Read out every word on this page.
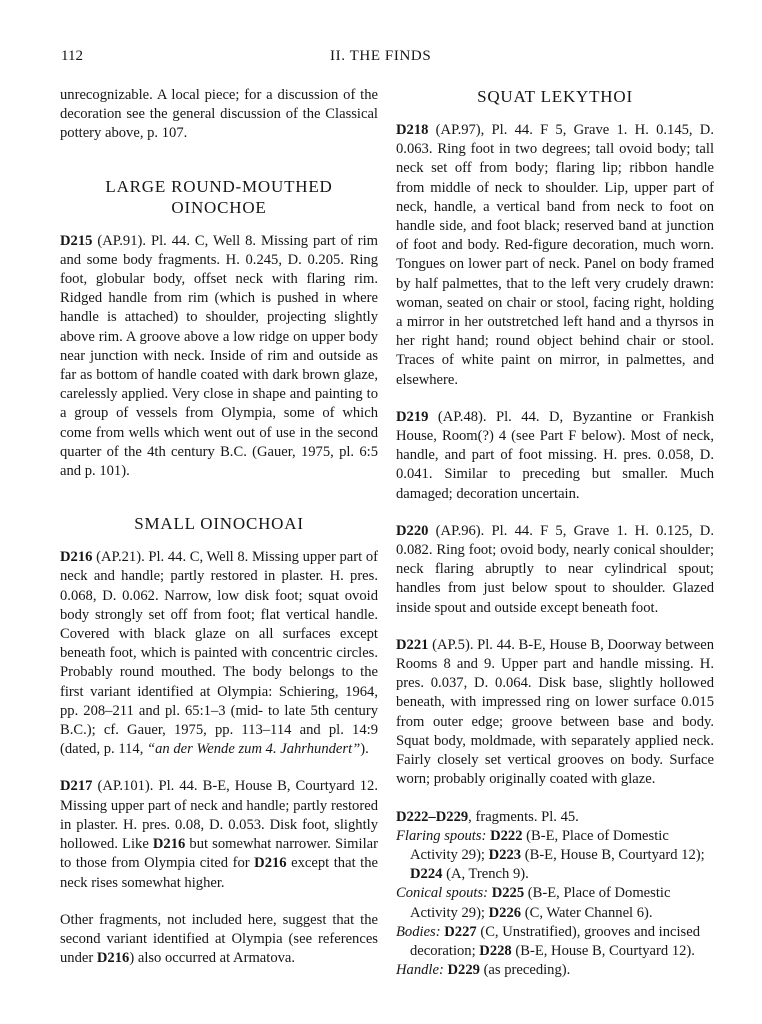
112	II. THE FINDS

unrecognizable. A local piece; for a discussion of the decoration see the general discussion of the Classical pottery above, p. 107.

LARGE ROUND-MOUTHED OINOCHOE

D215 (AP.91). Pl. 44. C, Well 8. Missing part of rim and some body fragments. H. 0.245, D. 0.205. Ring foot, globular body, offset neck with flaring rim. Ridged handle from rim (which is pushed in where handle is attached) to shoulder, projecting slightly above rim. A groove above a low ridge on upper body near junction with neck. Inside of rim and outside as far as bottom of handle coated with dark brown glaze, carelessly applied. Very close in shape and painting to a group of vessels from Olympia, some of which come from wells which went out of use in the second quarter of the 4th century B.C. (Gauer, 1975, pl. 6:5 and p. 101).

SMALL OINOCHOAI

D216 (AP.21). Pl. 44. C, Well 8. Missing upper part of neck and handle; partly restored in plaster. H. pres. 0.068, D. 0.062. Narrow, low disk foot; squat ovoid body strongly set off from foot; flat vertical handle. Covered with black glaze on all surfaces except beneath foot, which is painted with concentric circles. Probably round mouthed. The body belongs to the first variant identified at Olympia: Schiering, 1964, pp. 208–211 and pl. 65:1–3 (mid- to late 5th century B.C.); cf. Gauer, 1975, pp. 113–114 and pl. 14:9 (dated, p. 114, “an der Wende zum 4. Jahrhundert”).

D217 (AP.101). Pl. 44. B-E, House B, Courtyard 12. Missing upper part of neck and handle; partly restored in plaster. H. pres. 0.08, D. 0.053. Disk foot, slightly hollowed. Like D216 but somewhat narrower. Similar to those from Olympia cited for D216 except that the neck rises somewhat higher.

Other fragments, not included here, suggest that the second variant identified at Olympia (see references under D216) also occurred at Armatova.

SQUAT LEKYTHOI

D218 (AP.97), Pl. 44. F 5, Grave 1. H. 0.145, D. 0.063. Ring foot in two degrees; tall ovoid body; tall neck set off from body; flaring lip; ribbon handle from middle of neck to shoulder. Lip, upper part of neck, handle, a vertical band from neck to foot on handle side, and foot black; reserved band at junction of foot and body. Red-figure decoration, much worn. Tongues on lower part of neck. Panel on body framed by half palmettes, that to the left very crudely drawn: woman, seated on chair or stool, facing right, holding a mirror in her outstretched left hand and a thyrsos in her right hand; round object behind chair or stool. Traces of white paint on mirror, in palmettes, and elsewhere.

D219 (AP.48). Pl. 44. D, Byzantine or Frankish House, Room(?) 4 (see Part F below). Most of neck, handle, and part of foot missing. H. pres. 0.058, D. 0.041. Similar to preceding but smaller. Much damaged; decoration uncertain.

D220 (AP.96). Pl. 44. F 5, Grave 1. H. 0.125, D. 0.082. Ring foot; ovoid body, nearly conical shoulder; neck flaring abruptly to near cylindrical spout; handles from just below spout to shoulder. Glazed inside spout and outside except beneath foot.

D221 (AP.5). Pl. 44. B-E, House B, Doorway between Rooms 8 and 9. Upper part and handle missing. H. pres. 0.037, D. 0.064. Disk base, slightly hollowed beneath, with impressed ring on lower surface 0.015 from outer edge; groove between base and body. Squat body, moldmade, with separately applied neck. Fairly closely set vertical grooves on body. Surface worn; probably originally coated with glaze.

D222–D229, fragments. Pl. 45.

Flaring spouts: D222 (B-E, Place of Domestic Activity 29); D223 (B-E, House B, Courtyard 12); D224 (A, Trench 9).

Conical spouts: D225 (B-E, Place of Domestic Activity 29); D226 (C, Water Channel 6).

Bodies: D227 (C, Unstratified), grooves and incised decoration; D228 (B-E, House B, Courtyard 12).

Handle: D229 (as preceding).
